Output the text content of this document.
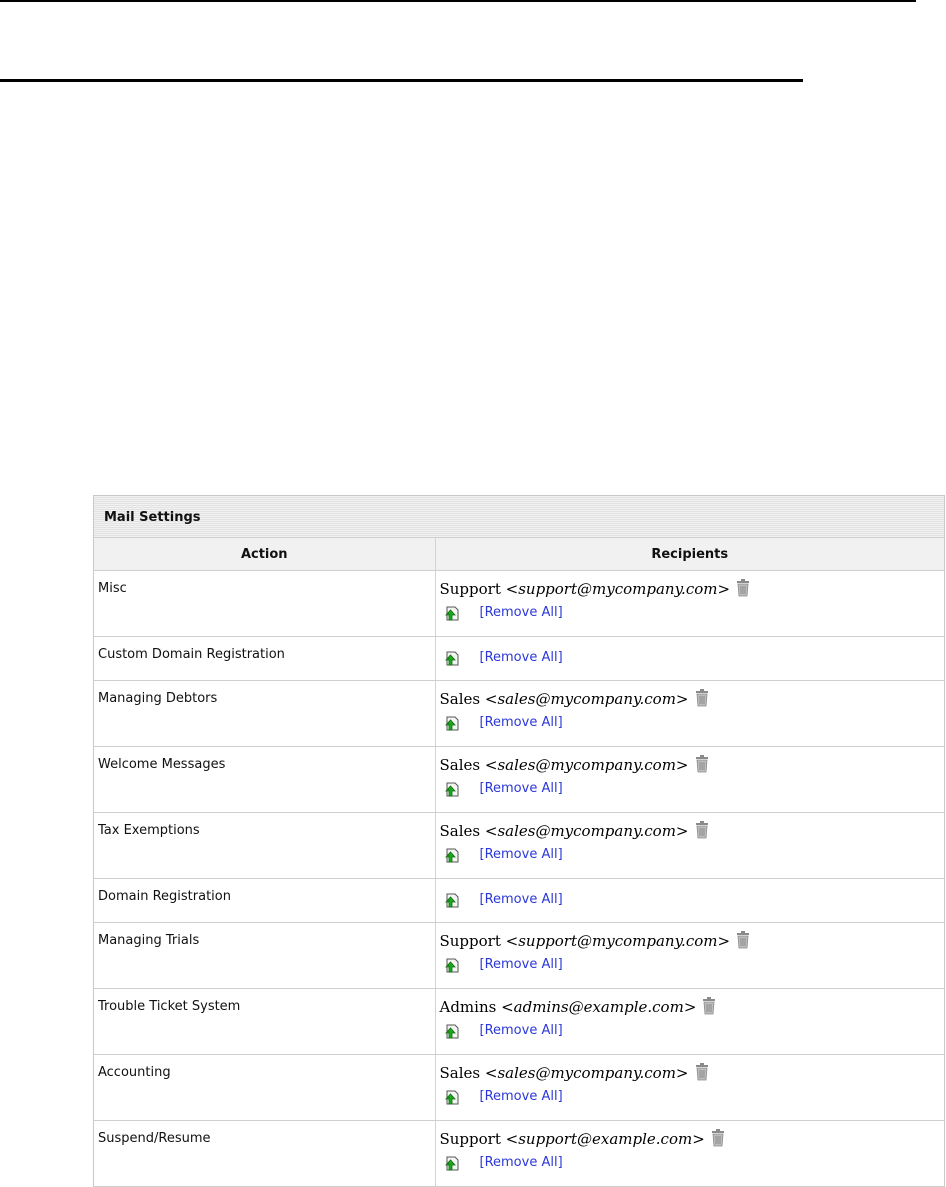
Mail Settings
Action	Recipients

Misc	Support <support@mycompany.com>
[Remove All]

Custom Domain Registration	[Remove All]

Managing Debtors	Sales <sales@mycompany.com>
[Remove All]

Welcome Messages	Sales <sales@mycompany.com>
[Remove All]

Tax Exemptions	Sales <sales@mycompany.com>
[Remove All]

Domain Registration	[Remove All]

Managing Trials	Support <support@mycompany.com>
[Remove All]

Trouble Ticket System	Admins <admins@example.com>
[Remove All]

Accounting	Sales <sales@mycompany.com>
[Remove All]

Suspend/Resume	Support <support@example.com>
[Remove All]
